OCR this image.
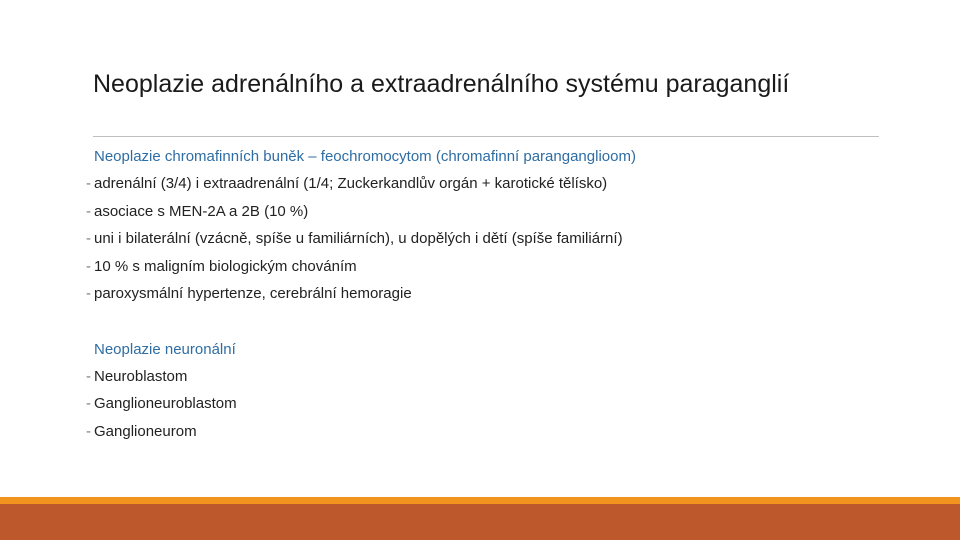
Neoplazie adrenálního a extraadrenálního systému paraganglií
Neoplazie chromafinních buněk – feochromocytom (chromafinní paranganglioom)
- adrenální (3/4) i extraadrenální (1/4; Zuckerkandlův orgán + karotické tělísko)
- asociace s MEN-2A a 2B (10 %)
- uni i bilaterální (vzácně, spíše u familiárních), u dopělých i dětí (spíše familiární)
- 10 % s maligním biologickým chováním
- paroxysmální hypertenze, cerebrální hemoragie
Neoplazie neuronální
- Neuroblastom
- Ganglioneuroblastom
- Ganglioneurom
